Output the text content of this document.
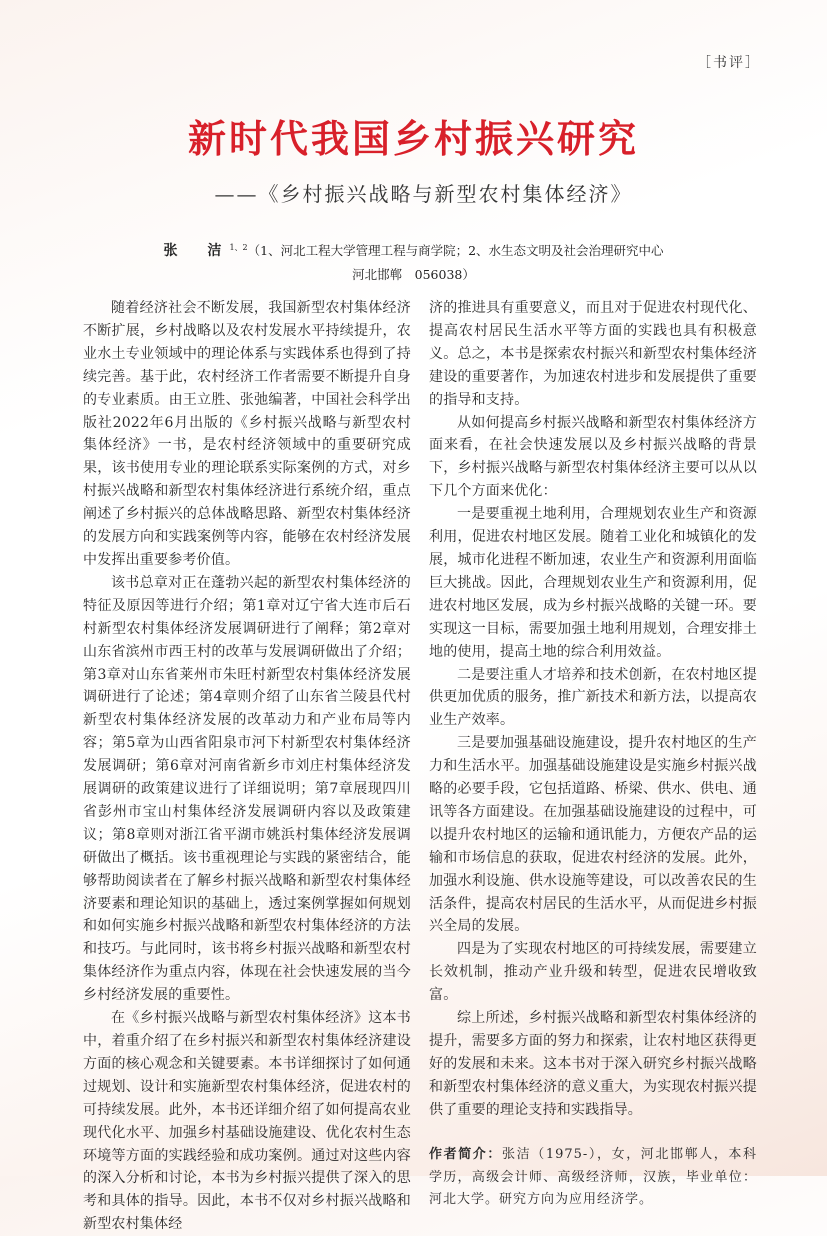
［书评］
新时代我国乡村振兴研究
——《乡村振兴战略与新型农村集体经济》
张　洁$^{1、2}$（1、河北工程大学管理工程与商学院；2、水生态文明及社会治理研究中心
河北邯郸　056038）

随着经济社会不断发展，我国新型农村集体经济不断扩展，乡村战略以及农村发展水平持续提升，农业水土专业领域中的理论体系与实践体系也得到了持续完善。基于此，农村经济工作者需要不断提升自身的专业素质。由王立胜、张弛编著，中国社会科学出版社2022年6月出版的《乡村振兴战略与新型农村集体经济》一书，是农村经济领域中的重要研究成果，该书使用专业的理论联系实际案例的方式，对乡村振兴战略和新型农村集体经济进行系统介绍，重点阐述了乡村振兴的总体战略思路、新型农村集体经济的发展方向和实践案例等内容，能够在农村经济发展中发挥出重要参考价值。

该书总章对正在蓬勃兴起的新型农村集体经济的特征及原因等进行介绍；第1章对辽宁省大连市后石村新型农村集体经济发展调研进行了阐释；第2章对山东省滨州市西王村的改革与发展调研做出了介绍；第3章对山东省莱州市朱旺村新型农村集体经济发展调研进行了论述；第4章则介绍了山东省兰陵县代村新型农村集体经济发展的改革动力和产业布局等内容；第5章为山西省阳泉市河下村新型农村集体经济发展调研；第6章对河南省新乡市刘庄村集体经济发展调研的政策建议进行了详细说明；第7章展现四川省彭州市宝山村集体经济发展调研内容以及政策建议；第8章则对浙江省平湖市姚浜村集体经济发展调研做出了概括。该书重视理论与实践的紧密结合，能够帮助阅读者在了解乡村振兴战略和新型农村集体经济要素和理论知识的基础上，透过案例掌握如何规划和如何实施乡村振兴战略和新型农村集体经济的方法和技巧。与此同时，该书将乡村振兴战略和新型农村集体经济作为重点内容，体现在社会快速发展的当今乡村经济发展的重要性。

在《乡村振兴战略与新型农村集体经济》这本书中，着重介绍了在乡村振兴和新型农村集体经济建设方面的核心观念和关键要素。本书详细探讨了如何通过规划、设计和实施新型农村集体经济，促进农村的可持续发展。此外，本书还详细介绍了如何提高农业现代化水平、加强乡村基础设施建设、优化农村生态环境等方面的实践经验和成功案例。通过对这些内容的深入分析和讨论，本书为乡村振兴提供了深入的思考和具体的指导。因此，本书不仅对乡村振兴战略和新型农村集体经

济的推进具有重要意义，而且对于促进农村现代化、提高农村居民生活水平等方面的实践也具有积极意义。总之，本书是探索农村振兴和新型农村集体经济建设的重要著作，为加速农村进步和发展提供了重要的指导和支持。

从如何提高乡村振兴战略和新型农村集体经济方面来看，在社会快速发展以及乡村振兴战略的背景下，乡村振兴战略与新型农村集体经济主要可以从以下几个方面来优化：

一是要重视土地利用，合理规划农业生产和资源利用，促进农村地区发展。随着工业化和城镇化的发展，城市化进程不断加速，农业生产和资源利用面临巨大挑战。因此，合理规划农业生产和资源利用，促进农村地区发展，成为乡村振兴战略的关键一环。要实现这一目标，需要加强土地利用规划，合理安排土地的使用，提高土地的综合利用效益。

二是要注重人才培养和技术创新，在农村地区提供更加优质的服务，推广新技术和新方法，以提高农业生产效率。

三是要加强基础设施建设，提升农村地区的生产力和生活水平。加强基础设施建设是实施乡村振兴战略的必要手段，它包括道路、桥梁、供水、供电、通讯等各方面建设。在加强基础设施建设的过程中，可以提升农村地区的运输和通讯能力，方便农产品的运输和市场信息的获取，促进农村经济的发展。此外，加强水利设施、供水设施等建设，可以改善农民的生活条件，提高农村居民的生活水平，从而促进乡村振兴全局的发展。

四是为了实现农村地区的可持续发展，需要建立长效机制，推动产业升级和转型，促进农民增收致富。

综上所述，乡村振兴战略和新型农村集体经济的提升，需要多方面的努力和探索，让农村地区获得更好的发展和未来。这本书对于深入研究乡村振兴战略和新型农村集体经济的意义重大，为实现农村振兴提供了重要的理论支持和实践指导。

作者简介：张洁（1975-），女，河北邯郸人，本科学历，高级会计师、高级经济师，汉族，毕业单位：河北大学。研究方向为应用经济学。
